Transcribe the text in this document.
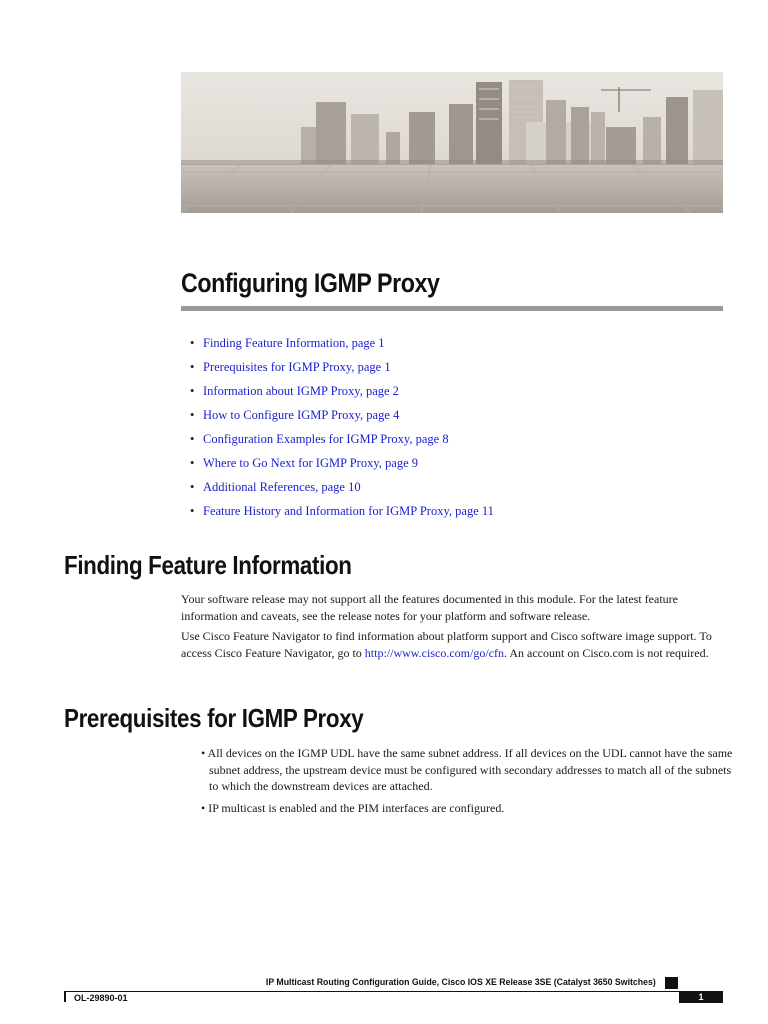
Configuring IGMP Proxy
• Finding Feature Information, page 1
• Prerequisites for IGMP Proxy, page 1
• Information about IGMP Proxy, page 2
• How to Configure IGMP Proxy, page 4
• Configuration Examples for IGMP Proxy, page 8
• Where to Go Next for IGMP Proxy, page 9
• Additional References, page 10
• Feature History and Information for IGMP Proxy, page 11
Finding Feature Information

Your software release may not support all the features documented in this module. For the latest feature information and caveats, see the release notes for your platform and software release.

Use Cisco Feature Navigator to find information about platform support and Cisco software image support. To access Cisco Feature Navigator, go to http://www.cisco.com/go/cfn. An account on Cisco.com is not required.

Prerequisites for IGMP Proxy

• All devices on the IGMP UDL have the same subnet address. If all devices on the UDL cannot have the same subnet address, the upstream device must be configured with secondary addresses to match all of the subnets to which the downstream devices are attached.

• IP multicast is enabled and the PIM interfaces are configured.

IP Multicast Routing Configuration Guide, Cisco IOS XE Release 3SE (Catalyst 3650 Switches)

OL-29890-01	1
